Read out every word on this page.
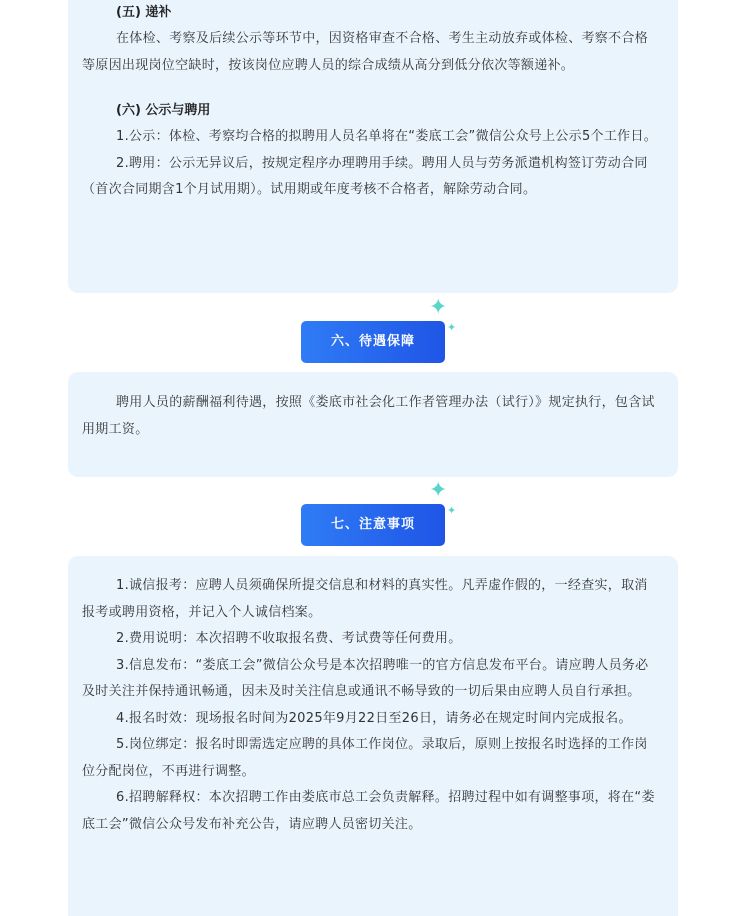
(五) 递补

在体检、考察及后续公示等环节中，因资格审查不合格、考生主动放弃或体检、考察不合格等原因出现岗位空缺时，按该岗位应聘人员的综合成绩从高分到低分依次等额递补。

(六) 公示与聘用

1.公示：体检、考察均合格的拟聘用人员名单将在“娄底工会”微信公众号上公示5个工作日。

2.聘用：公示无异议后，按规定程序办理聘用手续。聘用人员与劳务派遣机构签订劳动合同（首次合同期含1个月试用期）。试用期或年度考核不合格者，解除劳动合同。

✦
✦
六、待遇保障

聘用人员的薪酬福利待遇，按照《娄底市社会化工作者管理办法（试行）》规定执行，包含试用期工资。

✦
✦
七、注意事项

1.诚信报考：应聘人员须确保所提交信息和材料的真实性。凡弄虚作假的，一经查实，取消报考或聘用资格，并记入个人诚信档案。

2.费用说明：本次招聘不收取报名费、考试费等任何费用。

3.信息发布：“娄底工会”微信公众号是本次招聘唯一的官方信息发布平台。请应聘人员务必及时关注并保持通讯畅通，因未及时关注信息或通讯不畅导致的一切后果由应聘人员自行承担。

4.报名时效：现场报名时间为2025年9月22日至26日，请务必在规定时间内完成报名。

5.岗位绑定：报名时即需选定应聘的具体工作岗位。录取后，原则上按报名时选择的工作岗位分配岗位，不再进行调整。

6.招聘解释权：本次招聘工作由娄底市总工会负责解释。招聘过程中如有调整事项，将在“娄底工会”微信公众号发布补充公告，请应聘人员密切关注。
